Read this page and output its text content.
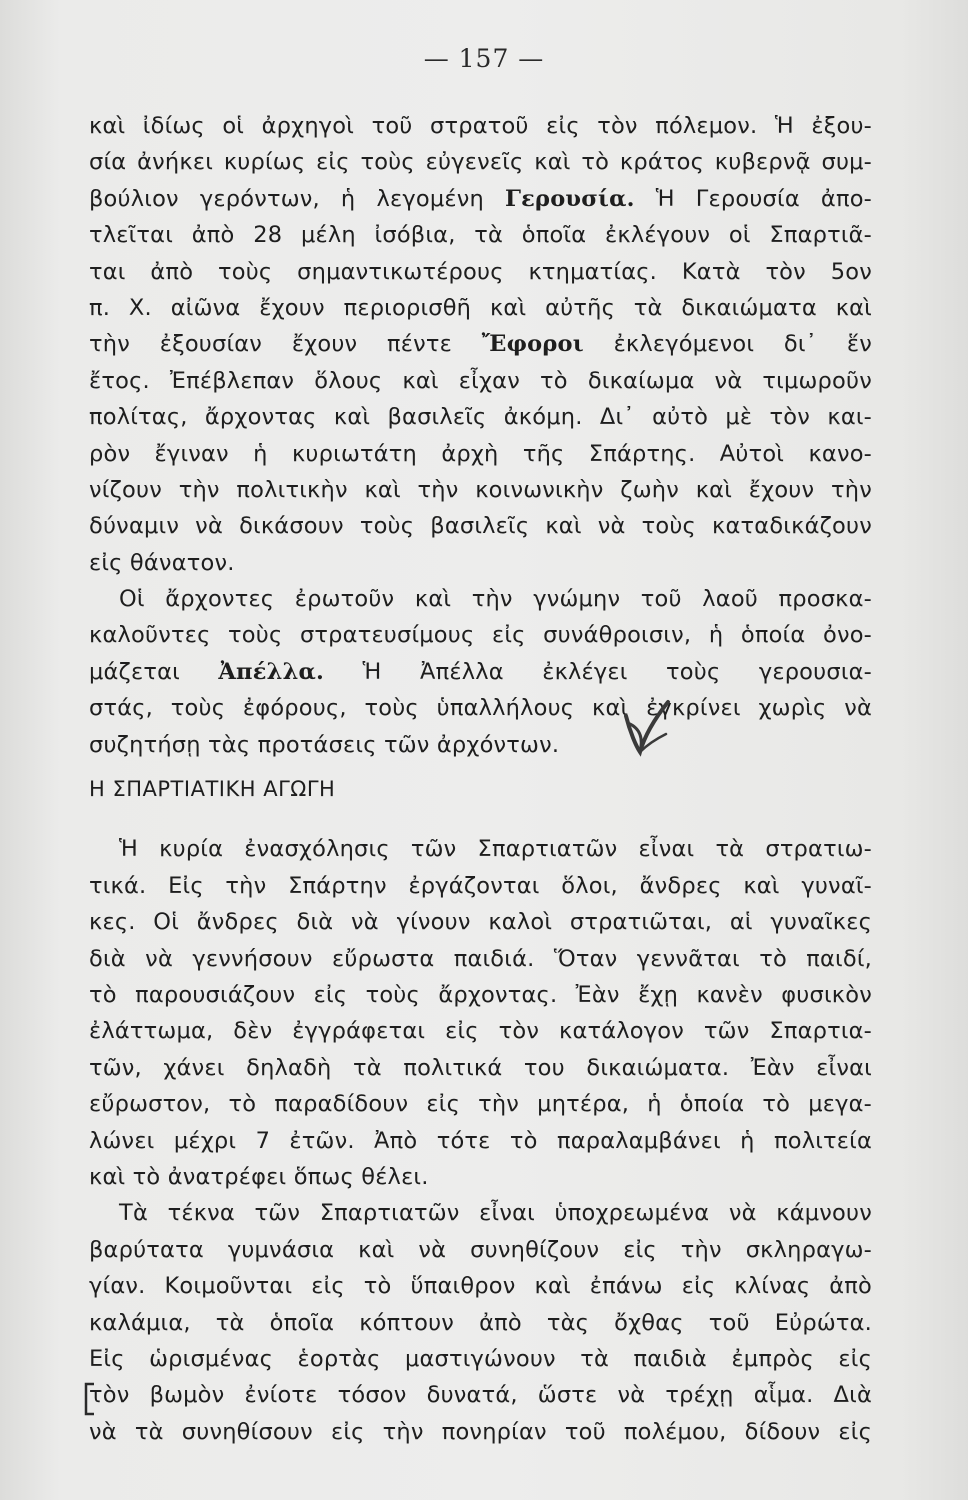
— 157 —
καὶ ἰδίως οἱ ἀρχηγοὶ τοῦ στρατοῦ εἰς τὸν πόλεμον. Ἡ ἐξου-
σία ἀνήκει κυρίως εἰς τοὺς εὐγενεῖς καὶ τὸ κράτος κυβερνᾷ συμ-
βούλιον γερόντων, ἡ λεγομένη Γερουσία. Ἡ Γερουσία ἀπο-
τλεῖται ἀπὸ 28 μέλη ἰσόβια, τὰ ὁποῖα ἐκλέγουν οἱ Σπαρτιᾶ-
ται ἀπὸ τοὺς σημαντικωτέρους κτηματίας. Κατὰ τὸν 5ον
π. Χ. αἰῶνα ἔχουν περιορισθῆ καὶ αὐτῆς τὰ δικαιώματα καὶ
τὴν ἐξουσίαν ἔχουν πέντε Ἔφοροι ἐκλεγόμενοι δι᾽ ἕν
ἔτος. Ἐπέβλεπαν ὅλους καὶ εἶχαν τὸ δικαίωμα νὰ τιμωροῦν
πολίτας, ἄρχοντας καὶ βασιλεῖς ἀκόμη. Δι᾽ αὐτὸ μὲ τὸν και-
ρὸν ἔγιναν ἡ κυριωτάτη ἀρχὴ τῆς Σπάρτης. Αὐτοὶ κανο-
νίζουν τὴν πολιτικὴν καὶ τὴν κοινωνικὴν ζωὴν καὶ ἔχουν τὴν
δύναμιν νὰ δικάσουν τοὺς βασιλεῖς καὶ νὰ τοὺς καταδικάζουν
εἰς θάνατον.
Οἱ ἄρχοντες ἐρωτοῦν καὶ τὴν γνώμην τοῦ λαοῦ προσκα-
καλοῦντες τοὺς στρατευσίμους εἰς συνάθροισιν, ἡ ὁποία ὀνο-
μάζεται Ἀπέλλα. Ἡ Ἀπέλλα ἐκλέγει τοὺς γερουσια-
στάς, τοὺς ἐφόρους, τοὺς ὑπαλλήλους καὶ ἐγκρίνει χωρὶς νὰ
συζητήσῃ τὰς προτάσεις τῶν ἀρχόντων.
Η ΣΠΑΡΤΙΑΤΙΚΗ ΑΓΩΓΗ
Ἡ κυρία ἐνασχόλησις τῶν Σπαρτιατῶν εἶναι τὰ στρατιω-
τικά. Εἰς τὴν Σπάρτην ἐργάζονται ὅλοι, ἄνδρες καὶ γυναῖ-
κες. Οἱ ἄνδρες διὰ νὰ γίνουν καλοὶ στρατιῶται, αἱ γυναῖκες
διὰ νὰ γεννήσουν εὔρωστα παιδιά. Ὅταν γεννᾶται τὸ παιδί,
τὸ παρουσιάζουν εἰς τοὺς ἄρχοντας. Ἐὰν ἔχῃ κανὲν φυσικὸν
ἐλάττωμα, δὲν ἐγγράφεται εἰς τὸν κατάλογον τῶν Σπαρτια-
τῶν, χάνει δηλαδὴ τὰ πολιτικά του δικαιώματα. Ἐὰν εἶναι
εὔρωστον, τὸ παραδίδουν εἰς τὴν μητέρα, ἡ ὁποία τὸ μεγα-
λώνει μέχρι 7 ἐτῶν. Ἀπὸ τότε τὸ παραλαμβάνει ἡ πολιτεία
καὶ τὸ ἀνατρέφει ὅπως θέλει.
Τὰ τέκνα τῶν Σπαρτιατῶν εἶναι ὑποχρεωμένα νὰ κάμνουν
βαρύτατα γυμνάσια καὶ νὰ συνηθίζουν εἰς τὴν σκληραγω-
γίαν. Κοιμοῦνται εἰς τὸ ὕπαιθρον καὶ ἐπάνω εἰς κλίνας ἀπὸ
καλάμια, τὰ ὁποῖα κόπτουν ἀπὸ τὰς ὄχθας τοῦ Εὐρώτα.
Εἰς ὡρισμένας ἑορτὰς μαστιγώνουν τὰ παιδιὰ ἐμπρὸς εἰς
τὸν βωμὸν ἐνίοτε τόσον δυνατά, ὥστε νὰ τρέχῃ αἷμα. Διὰ
νὰ τὰ συνηθίσουν εἰς τὴν πονηρίαν τοῦ πολέμου, δίδουν εἰς
